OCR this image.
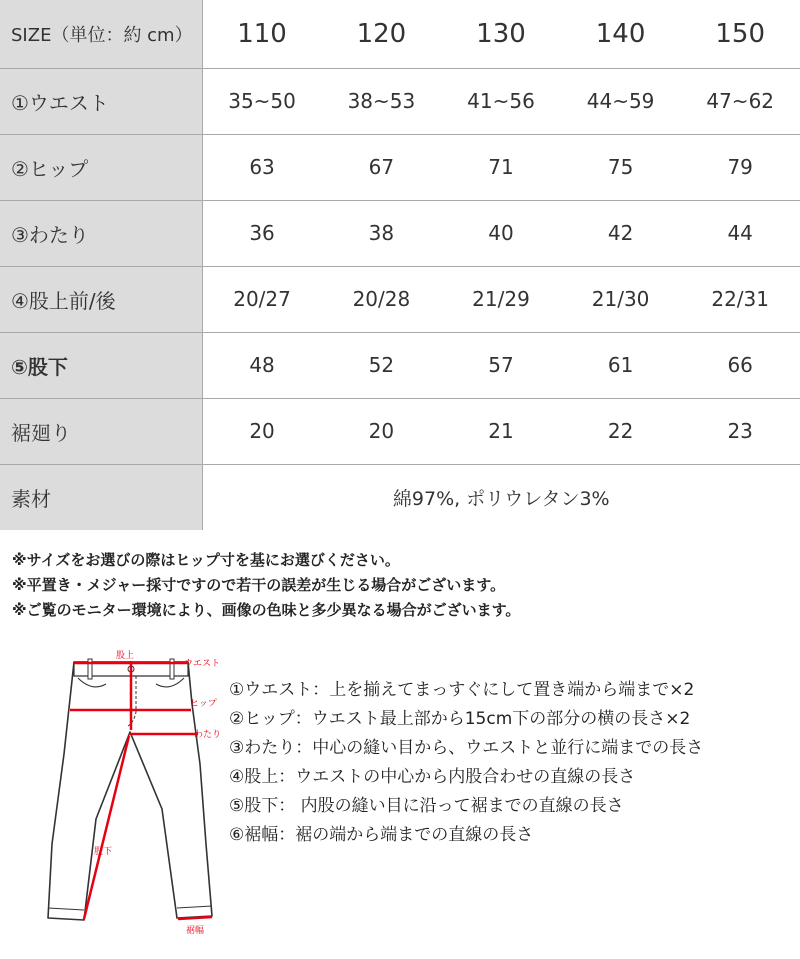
SIZE（単位：約 cm）	110	120	130	140	150
①ウエスト	35~50	38~53	41~56	44~59	47~62
②ヒップ	63	67	71	75	79
③わたり	36	38	40	42	44
④股上前/後	20/27	20/28	21/29	21/30	22/31
⑤股下	48	52	57	61	66
裾廻り	20	20	21	22	23
素材	綿97%, ポリウレタン3%				
※サイズをお選びの際はヒップ寸を基にお選びください。
※平置き・メジャー採寸ですので若干の誤差が生じる場合がございます。
※ご覧のモニター環境により、画像の色味と多少異なる場合がございます。
股上
ウエスト
ヒップ
わたり
股下
裾幅
①ウエスト：上を揃えてまっすぐにして置き端から端まで×2
②ヒップ：ウエスト最上部から15cm下の部分の横の長さ×2
③わたり：中心の縫い目から、ウエストと並行に端までの長さ
④股上：ウエストの中心から内股合わせの直線の長さ
⑤股下： 内股の縫い目に沿って裾までの直線の長さ
⑥裾幅：裾の端から端までの直線の長さ
